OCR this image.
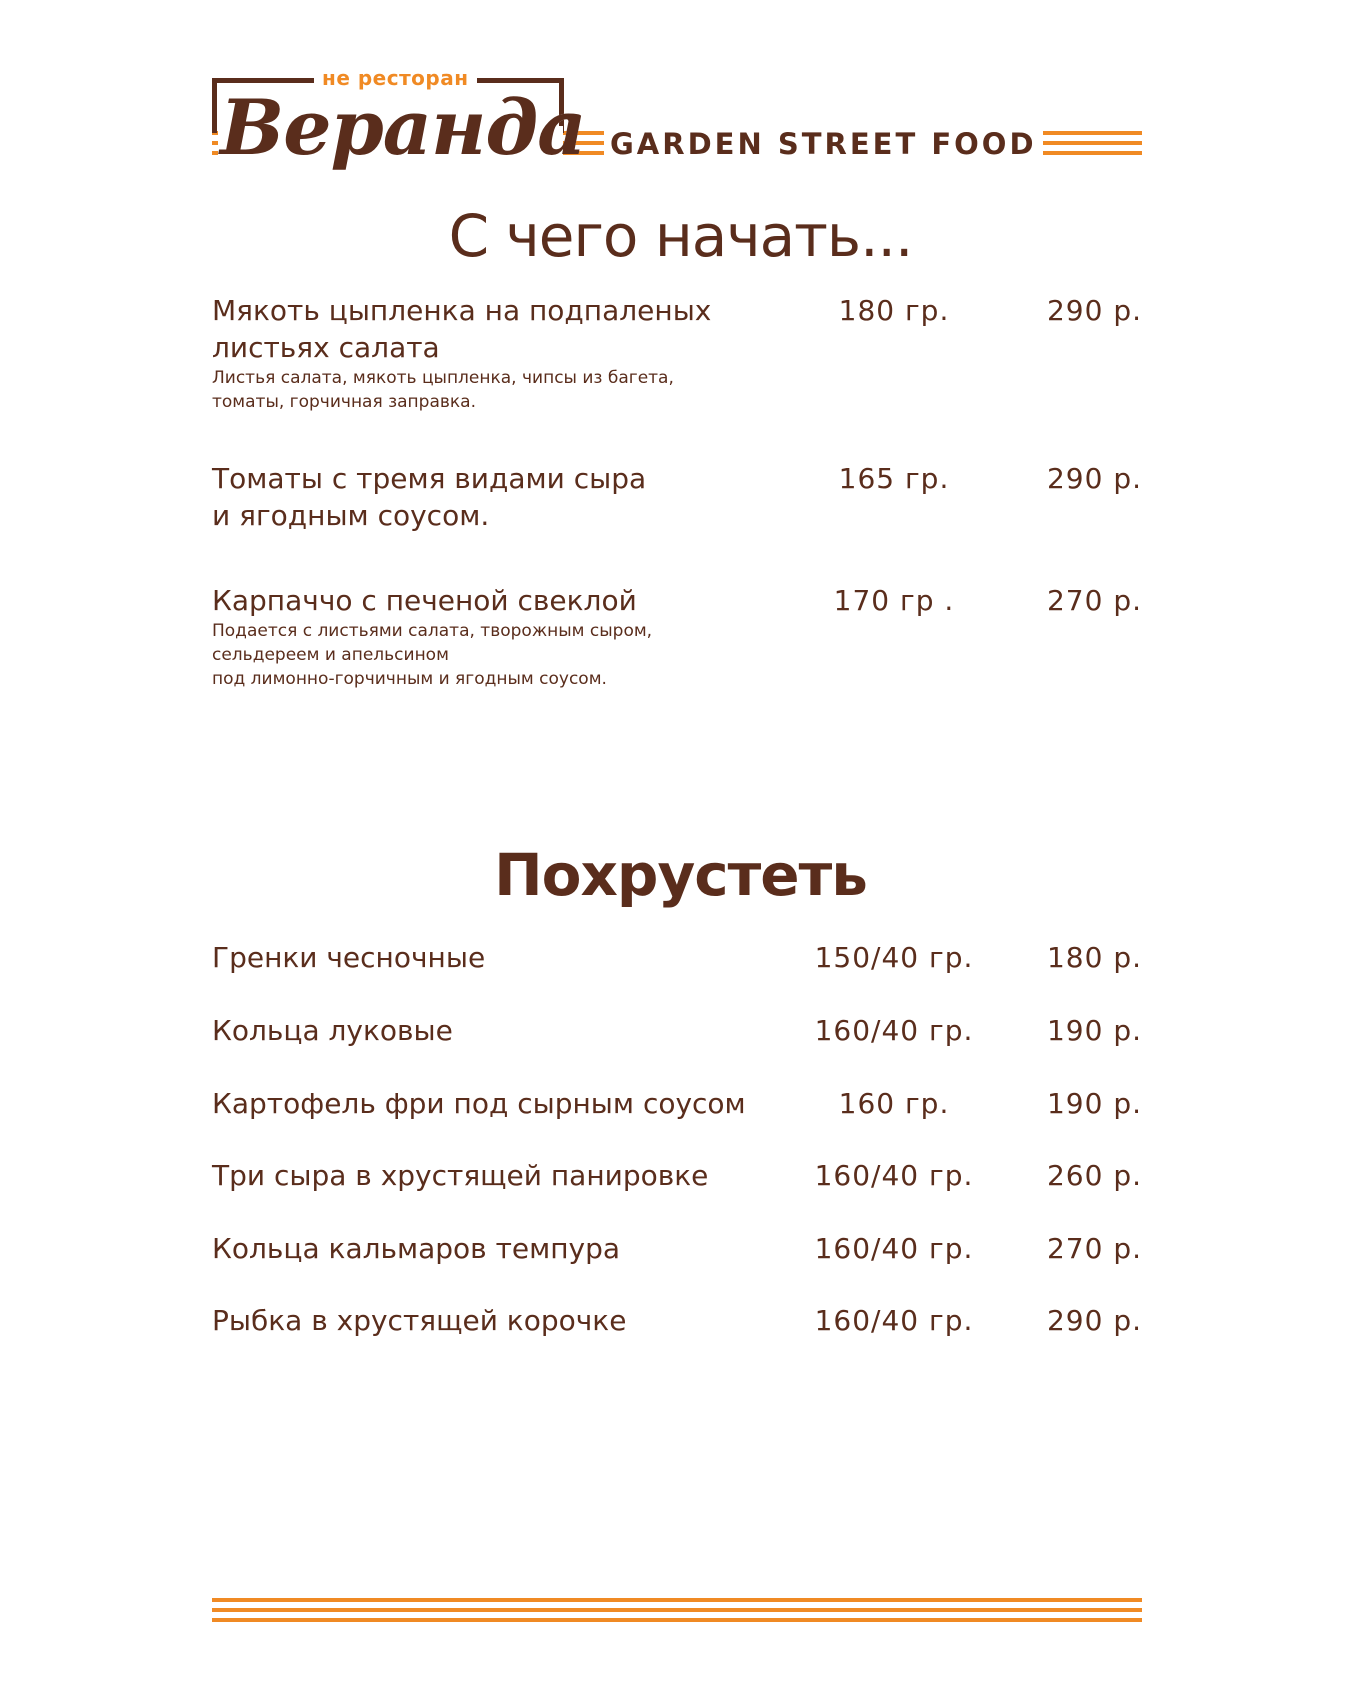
не ресторан
Веранда GARDEN STREET FOOD
С чего начать...
Мякоть цыпленка на подпаленых
листьях салата
Листья салата, мякоть цыпленка, чипсы из багета,
томаты, горчичная заправка.
180 гр.	290 р.
Томаты с тремя видами сыра
и ягодным соусом.
165 гр.	290 р.
Карпаччо с печеной свеклой
Подается с листьями салата, творожным сыром,
сельдереем и апельсином
под лимонно-горчичным и ягодным соусом.
170 гр .	270 р.
Похрустеть
Гренки чесночные	150/40 гр.	180 р.
Кольца луковые	160/40 гр.	190 р.
Картофель фри под сырным соусом	160 гр.	190 р.
Три сыра в хрустящей панировке	160/40 гр.	260 р.
Кольца кальмаров темпура	160/40 гр.	270 р.
Рыбка в хрустящей корочке	160/40 гр.	290 р.
